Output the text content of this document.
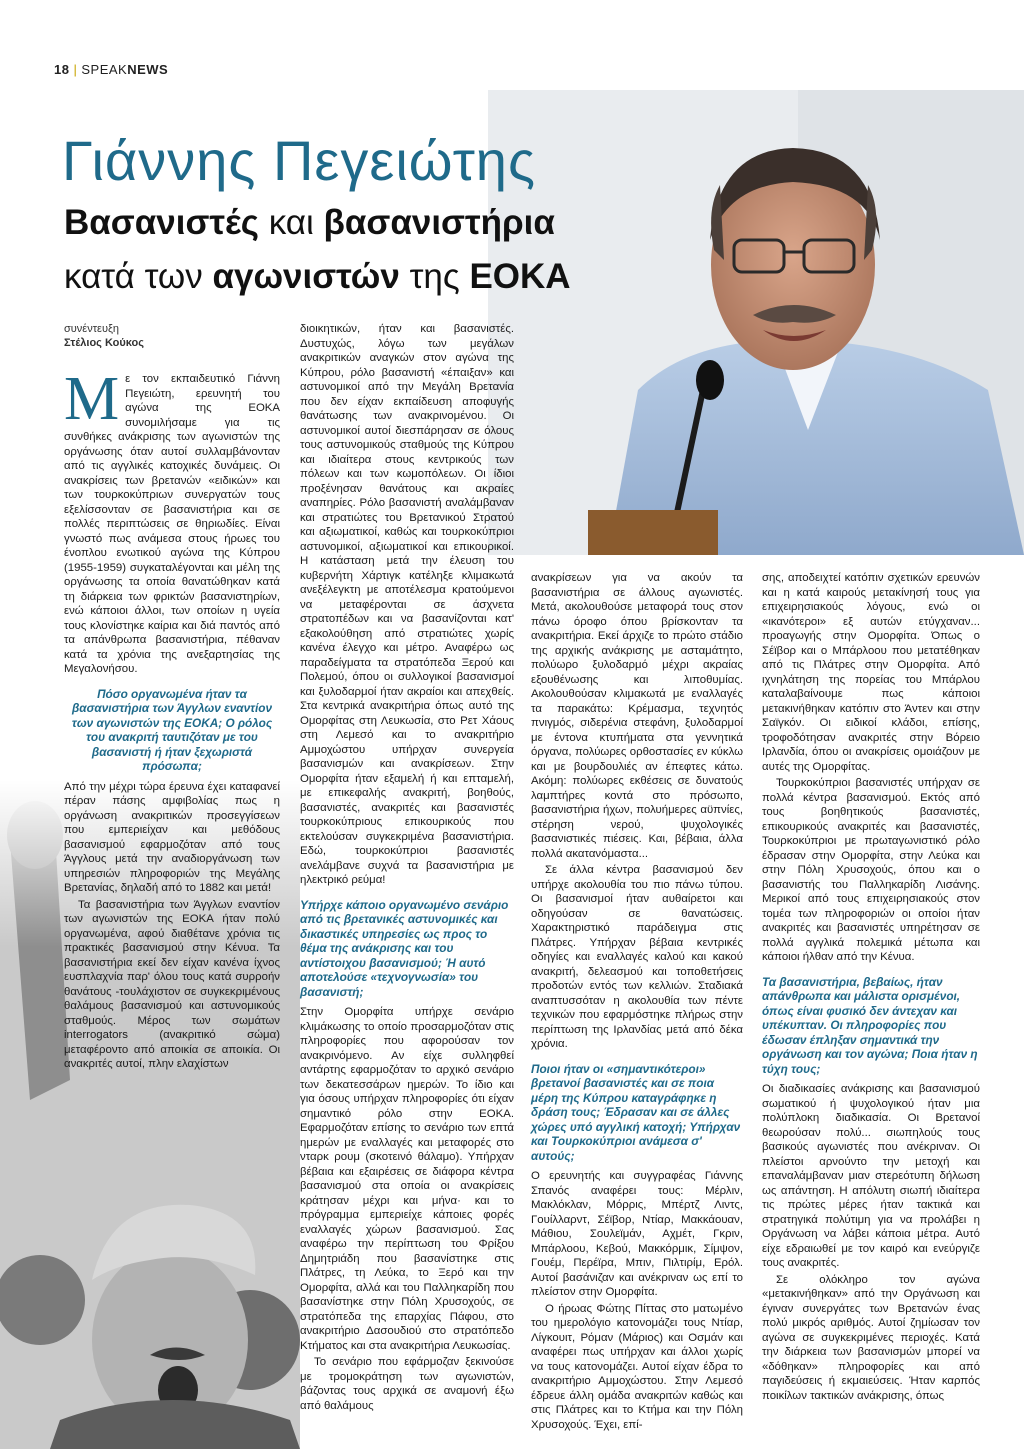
18 | SPEAKNEWS
Γιάννης Πεγειώτης
Βασανιστές και βασανιστήρια
κατά των αγωνιστών της ΕΟΚΑ
συνέντευξη
Στέλιος Κούκος

Με τον εκπαιδευτικό Γιάννη Πεγειώτη, ερευνητή του αγώνα της ΕΟΚΑ συνομιλήσαμε για τις συνθήκες ανάκρισης των αγωνιστών της οργάνωσης όταν αυτοί συλλαμβάνονταν από τις αγγλικές κατοχικές δυνάμεις. Οι ανακρίσεις των βρετανών «ειδικών» και των τουρκοκύπριων συνεργατών τους εξελίσσονταν σε βασανιστήρια και σε πολλές περιπτώσεις σε θηριωδίες. Είναι γνωστό πως ανάμεσα στους ήρωες του ένοπλου ενωτικού αγώνα της Κύπρου (1955-1959) συγκαταλέγονται και μέλη της οργάνωσης τα οποία θανατώθηκαν κατά τη διάρκεια των φρικτών βασανιστηρίων, ενώ κάποιοι άλλοι, των οποίων η υγεία τους κλονίστηκε καίρια και διά παντός από τα απάνθρωπα βασανιστήρια, πέθαναν κατά τα χρόνια της ανεξαρτησίας της Μεγαλονήσου.

Πόσο οργανωμένα ήταν τα βασανιστήρια των Άγγλων εναντίον των αγωνιστών της ΕΟΚΑ; Ο ρόλος του ανακριτή ταυτιζόταν με του βασανιστή ή ήταν ξεχωριστά πρόσωπα;

Από την μέχρι τώρα έρευνα έχει καταφανεί πέραν πάσης αμφιβολίας πως η οργάνωση ανακριτικών προσεγγίσεων που εμπεριείχαν και μεθόδους βασανισμού εφαρμοζόταν από τους Άγγλους μετά την αναδιοργάνωση των υπηρεσιών πληροφοριών της Μεγάλης Βρετανίας, δηλαδή από το 1882 και μετά!

Τα βασανιστήρια των Άγγλων εναντίον των αγωνιστών της ΕΟΚΑ ήταν πολύ οργανωμένα, αφού διαθέτανε χρόνια τις πρακτικές βασανισμού στην Κένυα. Τα βασανιστήρια εκεί δεν είχαν κανένα ίχνος ευσπλαχνία παρ' όλου τους κατά συρροήν θανάτους -τουλάχιστον σε συγκεκριμένους θαλάμους βασανισμού και αστυνομικούς σταθμούς. Μέρος των σωμάτων interrogators (ανακριτικό σώμα) μεταφέροντο από αποικία σε αποικία. Οι ανακριτές αυτοί, πλην ελαχίστων

διοικητικών, ήταν και βασανιστές. Δυστυχώς, λόγω των μεγάλων ανακριτικών αναγκών στον αγώνα της Κύπρου, ρόλο βασανιστή «έπαιξαν» και αστυνομικοί από την Μεγάλη Βρετανία που δεν είχαν εκπαίδευση αποφυγής θανάτωσης των ανακρινομένου. Οι αστυνομικοί αυτοί διεσπάρησαν σε όλους τους αστυνομικούς σταθμούς της Κύπρου και ιδιαίτερα στους κεντρικούς των πόλεων και των κωμοπόλεων. Οι ίδιοι προξένησαν θανάτους και ακραίες αναπηρίες. Ρόλο βασανιστή αναλάμβαναν και στρατιώτες του Βρετανικού Στρατού και αξιωματικοί, καθώς και τουρκοκύπριοι αστυνομικοί, αξιωματικοί και επικουρικοί. Η κατάσταση μετά την έλευση του κυβερνήτη Χάρτιγκ κατέληξε κλιμακωτά ανεξέλεγκτη με αποτέλεσμα κρατούμενοι να μεταφέρονται σε άσχνετα στρατοπέδων και να βασανίζονται κατ' εξακολούθηση από στρατιώτες χωρίς κανένα έλεγχο και μέτρο. Αναφέρω ως παραδείγματα τα στρατόπεδα Ξερού και Πολεμού, όπου οι συλλογικοί βασανισμοί και ξυλοδαρμοί ήταν ακραίοι και απεχθείς. Στα κεντρικά ανακριτήρια όπως αυτό της Ομορφίτας στη Λευκωσία, στο Ρετ Χάους στη Λεμεσό και το ανακριτήριο Αμμοχώστου υπήρχαν συνεργεία βασανισμών και ανακρίσεων. Στην Ομορφίτα ήταν εξαμελή ή και επταμελή, με επικεφαλής ανακριτή, βοηθούς, βασανιστές, ανακριτές και βασανιστές τουρκοκύπριους επικουρικούς που εκτελούσαν συγκεκριμένα βασανιστήρια. Εδώ, τουρκοκύπριοι βασανιστές ανελάμβανε συχνά τα βασανιστήρια με ηλεκτρικό ρεύμα!

Υπήρχε κάποιο οργανωμένο σενάριο από τις βρετανικές αστυνομικές και δικαστικές υπηρεσίες ως προς το θέμα της ανάκρισης και του αντίστοιχου βασανισμού; Ή αυτό αποτελούσε «τεχνογνωσία» του βασανιστή;

Στην Ομορφίτα υπήρχε σενάριο κλιμάκωσης το οποίο προσαρμοζόταν στις πληροφορίες που αφορούσαν τον ανακρινόμενο. Αν είχε συλληφθεί αντάρτης εφαρμοζόταν το αρχικό σενάριο των δεκατεσσάρων ημερών. Το ίδιο και για όσους υπήρχαν πληροφορίες ότι είχαν σημαντικό ρόλο στην ΕΟΚΑ. Εφαρμοζόταν επίσης το σενάριο των επτά ημερών με εναλλαγές και μεταφορές στο νταρκ ρουμ (σκοτεινό θάλαμο). Υπήρχαν βέβαια και εξαιρέσεις σε διάφορα κέντρα βασανισμού στα οποία οι ανακρίσεις κράτησαν μέχρι και μήνα· και το πρόγραμμα εμπεριείχε κάποιες φορές εναλλαγές χώρων βασανισμού. Σας αναφέρω την περίπτωση του Φρίξου Δημητριάδη που βασανίστηκε στις Πλάτρες, τη Λεύκα, το Ξερό και την Ομορφίτα, αλλά και του Παλληκαρίδη που βασανίστηκε στην Πόλη Χρυσοχούς, σε στρατόπεδα της επαρχίας Πάφου, στο ανακριτήριο Δασουδιού στο στρατόπεδο Κτήματος και στα ανακριτήρια Λευκωσίας.

Το σενάριο που εφάρμοζαν ξεκινούσε με τρομοκράτηση των αγωνιστών, βάζοντας τους αρχικά σε αναμονή έξω από θαλάμους

ανακρίσεων για να ακούν τα βασανιστήρια σε άλλους αγωνιστές. Μετά, ακολουθούσε μεταφορά τους στον πάνω όροφο όπου βρίσκονταν τα ανακριτήρια. Εκεί άρχιζε το πρώτο στάδιο της αρχικής ανάκρισης με ασταμάτητο, πολύωρο ξυλοδαρμό μέχρι ακραίας εξουθένωσης και λιποθυμίας. Ακολουθούσαν κλιμακωτά με εναλλαγές τα παρακάτω: Κρέμασμα, τεχνητός πνιγμός, σιδερένια στεφάνη, ξυλοδαρμοί με έντονα κτυπήματα στα γεννητικά όργανα, πολύωρες ορθοστασίες εν κύκλω και με βουρδουλιές αν έπεφτες κάτω. Ακόμη: πολύωρες εκθέσεις σε δυνατούς λαμπτήρες κοντά στο πρόσωπο, βασανιστήρια ήχων, πολυήμερες αϋπνίες, στέρηση νερού, ψυχολογικές βασανιστικές πιέσεις. Και, βέβαια, άλλα πολλά ακατανόμαστα...

Σε άλλα κέντρα βασανισμού δεν υπήρχε ακολουθία του πιο πάνω τύπου. Οι βασανισμοί ήταν αυθαίρετοι και οδηγούσαν σε θανατώσεις. Χαρακτηριστικό παράδειγμα στις Πλάτρες. Υπήρχαν βέβαια κεντρικές οδηγίες και εναλλαγές καλού και κακού ανακριτή, δελεασμού και τοποθετήσεις προδοτών εντός των κελλιών. Σταδιακά αναπτυσσόταν η ακολουθία των πέντε τεχνικών που εφαρμόστηκε πλήρως στην περίπτωση της Ιρλανδίας μετά από δέκα χρόνια.

Ποιοι ήταν οι «σημαντικότεροι» βρετανοί βασανιστές και σε ποια μέρη της Κύπρου καταγράφηκε η δράση τους; Έδρασαν και σε άλλες χώρες υπό αγγλική κατοχή; Υπήρχαν και Τουρκοκύπριοι ανάμεσα σ' αυτούς;

Ο ερευνητής και συγγραφέας Γιάννης Σπανός αναφέρει τους: Μέρλιν, Μακλόκλαν, Μόρρις, Μπέρτζ Λιντς, Γουίλλαρντ, Σέϊβορ, Ντίαρ, Μακκάουαν, Μάθιου, Σουλεϊμάν, Αχμέτ, Γκριν, Μπάρλοου, Κεβού, Μακκόρμικ, Σίμψον, Γουέμ, Περέϊρα, Μπιν, Πιλτιρίμ, Ερόλ. Αυτοί βασάνιζαν και ανέκριναν ως επί το πλείστον στην Ομορφίτα.

Ο ήρωας Φώτης Πίττας στο ματωμένο του ημερολόγιο κατονομάζει τους Ντίαρ, Λίγκουιτ, Ρόμαν (Μάριος) και Οσμάν και αναφέρει πως υπήρχαν και άλλοι χωρίς να τους κατονομάζει. Αυτοί είχαν έδρα το ανακριτήριο Αμμοχώστου. Στην Λεμεσό έδρευε άλλη ομάδα ανακριτών καθώς και στις Πλάτρες και το Κτήμα και την Πόλη Χρυσοχούς. Έχει, επί-

σης, αποδειχτεί κατόπιν σχετικών ερευνών και η κατά καιρούς μετακίνησή τους για επιχειρησιακούς λόγους, ενώ οι «ικανότεροι» εξ αυτών ετύγχαναν... προαγωγής στην Ομορφίτα. Όπως ο Σέϊβορ και ο Μπάρλοου που μετατέθηκαν από τις Πλάτρες στην Ομορφίτα. Από ιχνηλάτηση της πορείας του Μπάρλου καταλαβαίνουμε πως κάποιοι μετακινήθηκαν κατόπιν στο Άντεν και στην Σαϊγκόν. Οι ειδικοί κλάδοι, επίσης, τροφοδότησαν ανακριτές στην Βόρειο Ιρλανδία, όπου οι ανακρίσεις ομοιάζουν με αυτές της Ομορφίτας.

Τουρκοκύπριοι βασανιστές υπήρχαν σε πολλά κέντρα βασανισμού. Εκτός από τους βοηθητικούς βασανιστές, επικουρικούς ανακριτές και βασανιστές, Τουρκοκύπριοι με πρωταγωνιστικό ρόλο έδρασαν στην Ομορφίτα, στην Λεύκα και στην Πόλη Χρυσοχούς, όπου και ο βασανιστής του Παλληκαρίδη Λισάνης. Μερικοί από τους επιχειρησιακούς στον τομέα των πληροφοριών οι οποίοι ήταν ανακριτές και βασανιστές υπηρέτησαν σε πολλά αγγλικά πολεμικά μέτωπα και κάποιοι ήλθαν από την Κένυα.

Τα βασανιστήρια, βεβαίως, ήταν απάνθρωπα και μάλιστα ορισμένοι, όπως είναι φυσικό δεν άντεχαν και υπέκυπταν. Οι πληροφορίες που έδωσαν έπληξαν σημαντικά την οργάνωση και τον αγώνα; Ποια ήταν η τύχη τους;

Οι διαδικασίες ανάκρισης και βασανισμού σωματικού ή ψυχολογικού ήταν μια πολύπλοκη διαδικασία. Οι Βρετανοί θεωρούσαν πολύ... σιωπηλούς τους βασικούς αγωνιστές που ανέκριναν. Οι πλείστοι αρνούντο την μετοχή και επαναλάμβαναν μιαν στερεότυπη δήλωση ως απάντηση. Η απόλυτη σιωπή ιδιαίτερα τις πρώτες μέρες ήταν τακτικά και στρατηγικά πολύτιμη για να προλάβει η Οργάνωση να λάβει κάποια μέτρα. Αυτό είχε εδραιωθεί με τον καιρό και ενεύργιζε τους ανακριτές.

Σε ολόκληρο τον αγώνα «μετακινήθηκαν» από την Οργάνωση και έγιναν συνεργάτες των Βρετανών ένας πολύ μικρός αριθμός. Αυτοί ζημίωσαν τον αγώνα σε συγκεκριμένες περιοχές. Κατά την διάρκεια των βασανισμών μπορεί να «δόθηκαν» πληροφορίες και από παγιδεύσεις ή εκμαιεύσεις. Ήταν καρπός ποικίλων τακτικών ανάκρισης, όπως
